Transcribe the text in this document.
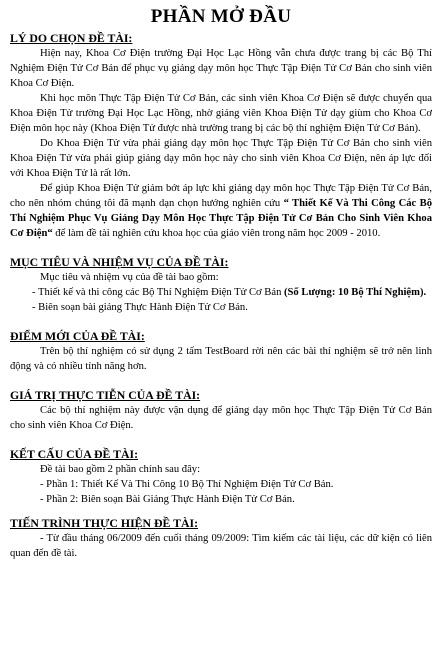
PHẦN MỞ ĐẦU

LÝ DO CHỌN ĐỀ TÀI:

Hiện nay, Khoa Cơ Điện trường Đại Học Lạc Hồng vẫn chưa được trang bị các Bộ Thí Nghiệm Điện Tử Cơ Bản để phục vụ giảng dạy môn học Thực Tập Điện Tử Cơ Bản cho sinh viên Khoa Cơ Điện.

Khi học môn Thực Tập Điện Tử Cơ Bản, các sinh viên Khoa Cơ Điện sẽ được chuyển qua Khoa Điện Tử trường Đại Học Lạc Hồng, nhờ giảng viên Khoa Điện Tử dạy giùm cho Khoa Cơ Điện môn học này (Khoa Điện Tử được nhà trường trang bị các bộ thí nghiệm Điện Tử Cơ Bản).

Do Khoa Điện Tử vừa phải giảng dạy môn học Thực Tập Điện Tử Cơ Bản cho sinh viên Khoa Điện Tử vừa phải giúp giảng dạy môn học này cho sinh viên Khoa Cơ Điện, nên áp lực đối với Khoa Điện Tử là rất lớn.

Để giúp Khoa Điện Tử giảm bớt áp lực khi giảng dạy môn học Thực Tập Điện Tử Cơ Bản, cho nên nhóm chúng tôi đã mạnh dạn chọn hướng nghiên cứu “ Thiết Kế Và Thi Công Các Bộ Thí Nghiệm Phục Vụ Giảng Dạy Môn Học Thực Tập Điện Tử Cơ Bản Cho Sinh Viên Khoa Cơ Điện“ để làm đề tài nghiên cứu khoa học của giáo viên trong năm học 2009 - 2010.

MỤC TIÊU VÀ NHIỆM VỤ CỦA ĐỀ TÀI:

Mục tiêu và nhiệm vụ của đề tài bao gồm:

- Thiết kế và thi công các Bộ Thí Nghiệm Điện Tử Cơ Bản (Số Lượng: 10 Bộ Thí Nghiệm).

- Biên soạn bài giảng Thực Hành Điện Tử Cơ Bản.

ĐIỂM MỚI CỦA ĐỀ TÀI:

Trên bộ thí nghiệm có sử dụng 2 tấm TestBoard rời nên các bài thí nghiệm sẽ trở nên linh động và có nhiều tính năng hơn.

GIÁ TRỊ THỰC TIỄN CỦA ĐỀ TÀI:

Các bộ thí nghiệm này được vận dụng để giảng dạy môn học Thực Tập Điện Tử Cơ Bản cho sinh viên Khoa Cơ Điện.

KẾT CẤU CỦA ĐỀ TÀI:

Đề tài bao gồm 2 phần chính sau đây:

- Phần 1: Thiết Kế Và Thi Công 10 Bộ Thí Nghiệm Điện Tử Cơ Bản.

- Phần 2: Biên soạn Bài Giảng Thực Hành Điện Tử Cơ Bản.

TIẾN TRÌNH THỰC HIỆN ĐỀ TÀI:

- Từ đầu tháng 06/2009 đến cuối tháng 09/2009: Tìm kiếm các tài liệu, các dữ kiện có liên quan đến đề tài.
